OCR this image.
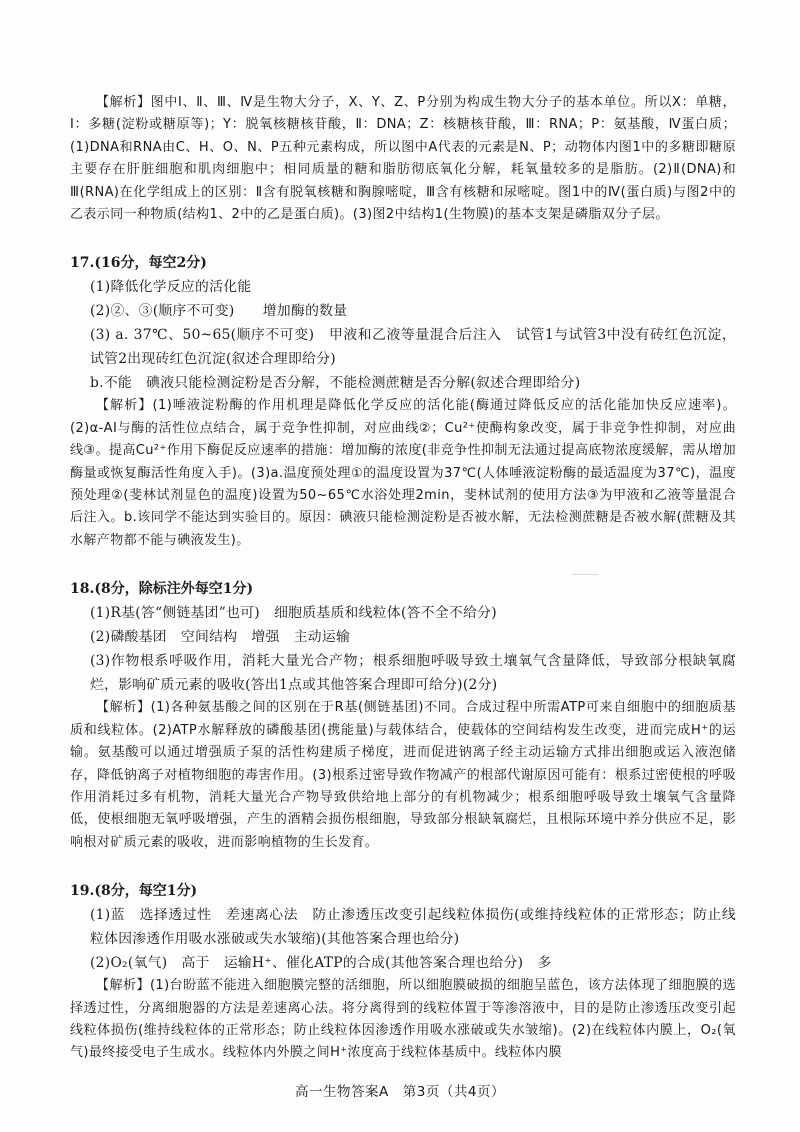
【解析】图中Ⅰ、Ⅱ、Ⅲ、Ⅳ是生物大分子，X、Y、Z、P分别为构成生物大分子的基本单位。所以X：单糖，Ⅰ：多糖(淀粉或糖原等)；Y：脱氧核糖核苷酸，Ⅱ：DNA；Z：核糖核苷酸，Ⅲ：RNA；P：氨基酸，Ⅳ蛋白质；(1)DNA和RNA由C、H、O、N、P五种元素构成，所以图中A代表的元素是N、P；动物体内图1中的多糖即糖原主要存在肝脏细胞和肌肉细胞中；相同质量的糖和脂肪彻底氧化分解，耗氧量较多的是脂肪。(2)Ⅱ(DNA)和Ⅲ(RNA)在化学组成上的区别：Ⅱ含有脱氧核糖和胸腺嘧啶，Ⅲ含有核糖和尿嘧啶。图1中的Ⅳ(蛋白质)与图2中的乙表示同一种物质(结构1、2中的乙是蛋白质)。(3)图2中结构1(生物膜)的基本支架是磷脂双分子层。

17.(16分，每空2分)

(1)降低化学反应的活化能

(2)②、③(顺序不可变)　　增加酶的数量

(3) a. 37℃、50~65(顺序不可变)　甲液和乙液等量混合后注入　试管1与试管3中没有砖红色沉淀，试管2出现砖红色沉淀(叙述合理即给分)

b.不能　碘液只能检测淀粉是否分解，不能检测蔗糖是否分解(叙述合理即给分)

【解析】(1)唾液淀粉酶的作用机理是降低化学反应的活化能(酶通过降低反应的活化能加快反应速率)。(2)α-AI与酶的活性位点结合，属于竞争性抑制，对应曲线②；Cu²⁺使酶构象改变，属于非竞争性抑制，对应曲线③。提高Cu²⁺作用下酶促反应速率的措施：增加酶的浓度(非竞争性抑制无法通过提高底物浓度缓解，需从增加酶量或恢复酶活性角度入手)。(3)a.温度预处理①的温度设置为37℃(人体唾液淀粉酶的最适温度为37℃)，温度预处理②(斐林试剂显色的温度)设置为50~65℃水浴处理2min，斐林试剂的使用方法③为甲液和乙液等量混合后注入。b.该同学不能达到实验目的。原因：碘液只能检测淀粉是否被水解，无法检测蔗糖是否被水解(蔗糖及其水解产物都不能与碘液发生)。

18.(8分，除标注外每空1分)

(1)R基(答“侧链基团”也可)　细胞质基质和线粒体(答不全不给分)

(2)磷酸基团　空间结构　增强　主动运输

(3)作物根系呼吸作用，消耗大量光合产物；根系细胞呼吸导致土壤氧气含量降低，导致部分根缺氧腐烂，影响矿质元素的吸收(答出1点或其他答案合理即可给分)(2分)

【解析】(1)各种氨基酸之间的区别在于R基(侧链基团)不同。合成过程中所需ATP可来自细胞中的细胞质基质和线粒体。(2)ATP水解释放的磷酸基团(携能量)与载体结合，使载体的空间结构发生改变，进而完成H⁺的运输。氨基酸可以通过增强质子泵的活性构建质子梯度，进而促进钠离子经主动运输方式排出细胞或运入液泡储存，降低钠离子对植物细胞的毒害作用。(3)根系过密导致作物减产的根部代谢原因可能有：根系过密使根的呼吸作用消耗过多有机物，消耗大量光合产物导致供给地上部分的有机物减少；根系细胞呼吸导致土壤氧气含量降低，使根细胞无氧呼吸增强，产生的酒精会损伤根细胞，导致部分根缺氧腐烂，且根际环境中养分供应不足，影响根对矿质元素的吸收，进而影响植物的生长发育。

19.(8分，每空1分)

(1)蓝　选择透过性　差速离心法　防止渗透压改变引起线粒体损伤(或维持线粒体的正常形态；防止线粒体因渗透作用吸水涨破或失水皱缩)(其他答案合理也给分)

(2)O₂(氧气)　高于　运输H⁺、催化ATP的合成(其他答案合理也给分)　多

【解析】(1)台盼蓝不能进入细胞膜完整的活细胞，所以细胞膜破损的细胞呈蓝色，该方法体现了细胞膜的选择透过性，分离细胞器的方法是差速离心法。将分离得到的线粒体置于等渗溶液中，目的是防止渗透压改变引起线粒体损伤(维持线粒体的正常形态；防止线粒体因渗透作用吸水涨破或失水皱缩)。(2)在线粒体内膜上，O₂(氧气)最终接受电子生成水。线粒体内外膜之间H⁺浓度高于线粒体基质中。线粒体内膜

高一生物答案A　第3页（共4页）
